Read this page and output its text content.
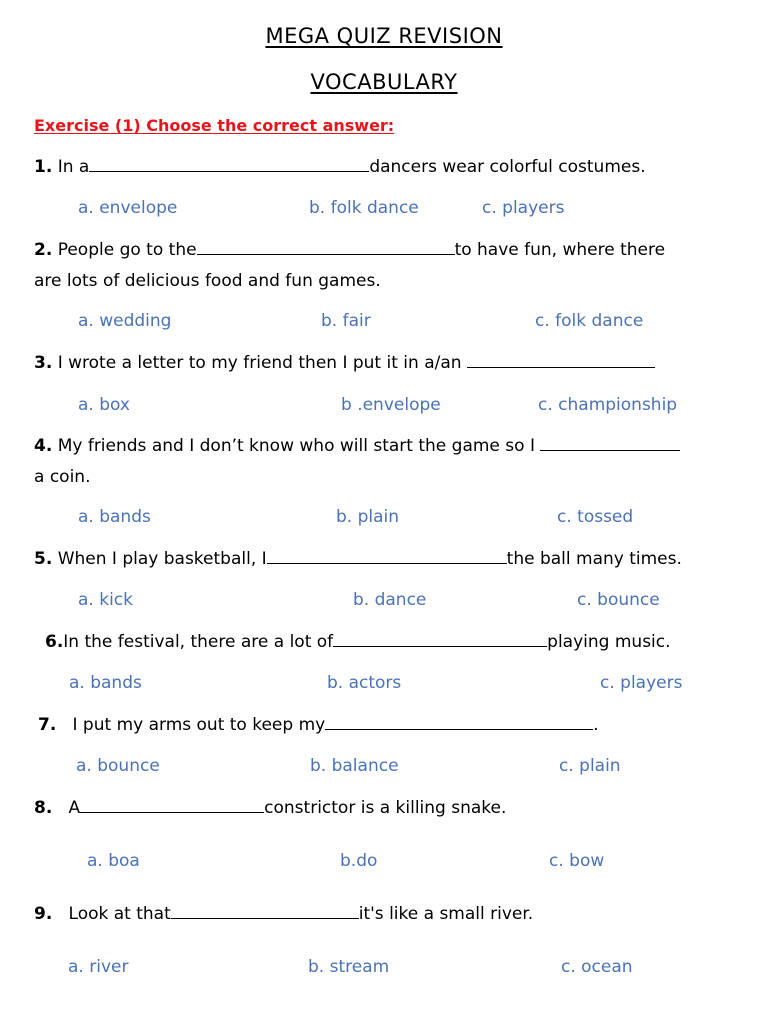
MEGA QUIZ REVISION
VOCABULARY

Exercise (1) Choose the correct answer:

1. In a	dancers wear colorful costumes.

a. envelope	b. folk dance	c. players

2. People go to the	to have fun, where there
are lots of delicious food and fun games.

a. wedding	b. fair	c. folk dance

3. I wrote a letter to my friend then I put it in a/an

a. box	b .envelope	c. championship

4. My friends and I don’t know who will start the game so I
a coin.

a. bands	b. plain	c. tossed

5. When I play basketball, I	the ball many times.

a. kick	b. dance	c. bounce

6.In the festival, there are a lot of	playing music.

a. bands	b. actors	c. players

7. I put my arms out to keep my	.

a. bounce	b. balance	c. plain

8. A	constrictor is a killing snake.

a. boa	b.do	c. bow

9. Look at that	it's like a small river.

a. river	b. stream	c. ocean
